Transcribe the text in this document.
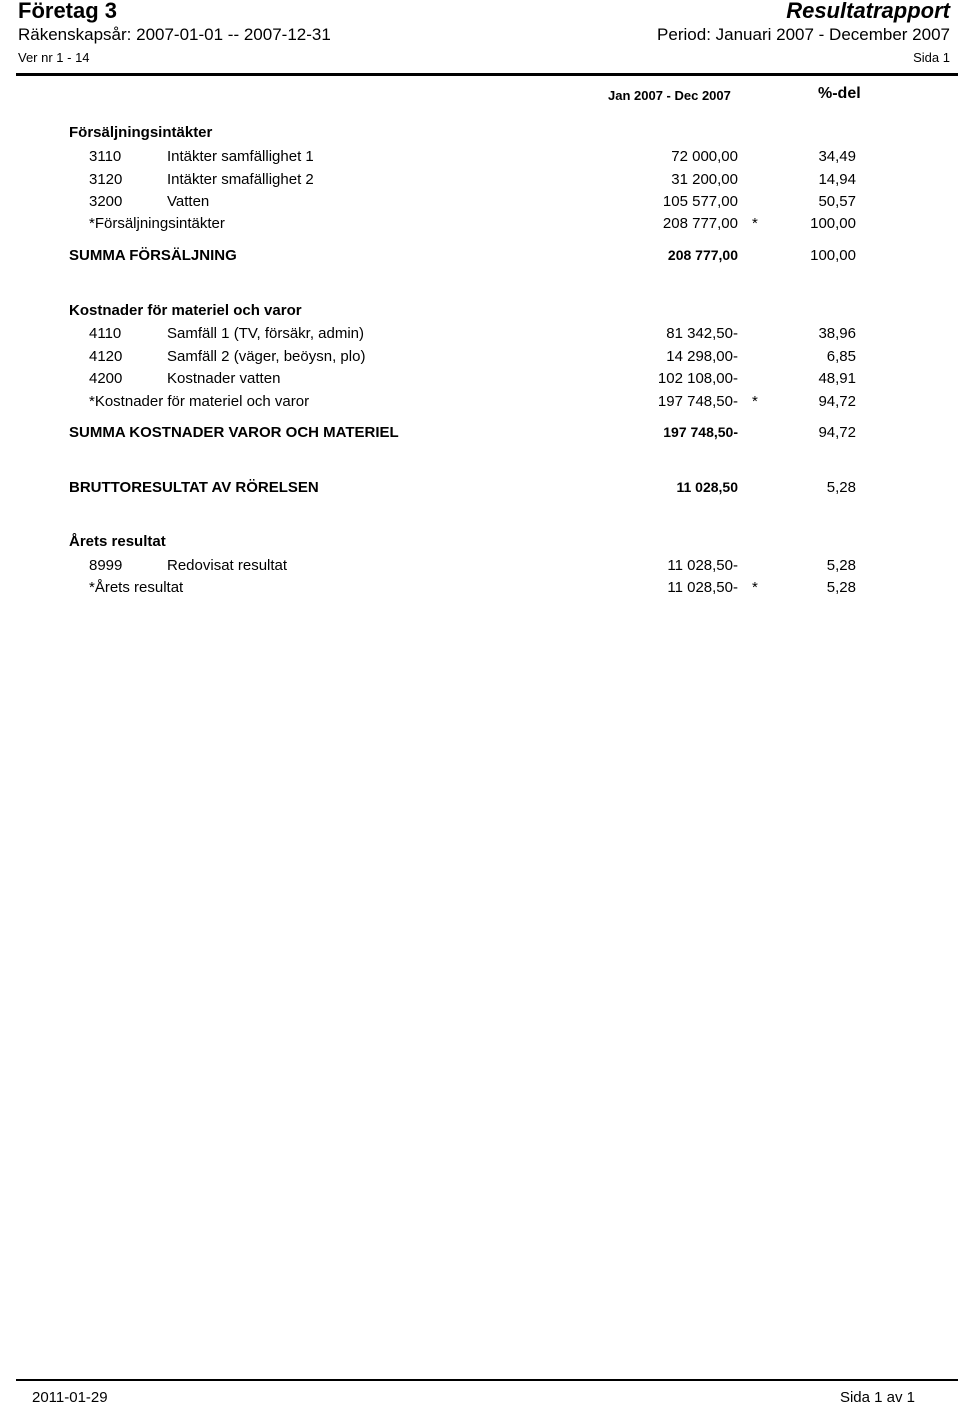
Företag 3	Resultatrapport
Räkenskapsår: 2007-01-01 -- 2007-12-31	Period: Januari 2007 - December 2007
Ver nr 1 - 14	Sida 1
Jan 2007 - Dec 2007	%-del
Försäljningsintäkter
3110	Intäkter samfällighet 1	72 000,00	34,49
3120	Intäkter smafällighet 2	31 200,00	14,94
3200	Vatten	105 577,00	50,57
*Försäljningsintäkter	208 777,00 *	100,00
SUMMA FÖRSÄLJNING	208 777,00	100,00
Kostnader för materiel och varor
4110	Samfäll 1 (TV, försäkr, admin)	81 342,50-	38,96
4120	Samfäll 2 (väger, beöysn, plo)	14 298,00-	6,85
4200	Kostnader vatten	102 108,00-	48,91
*Kostnader för materiel och varor	197 748,50- *	94,72
SUMMA KOSTNADER VAROR OCH MATERIEL	197 748,50-	94,72
BRUTTORESULTAT AV RÖRELSEN	11 028,50	5,28
Årets resultat
8999	Redovisat resultat	11 028,50-	5,28
*Årets resultat	11 028,50- *	5,28
2011-01-29	Sida 1 av 1
